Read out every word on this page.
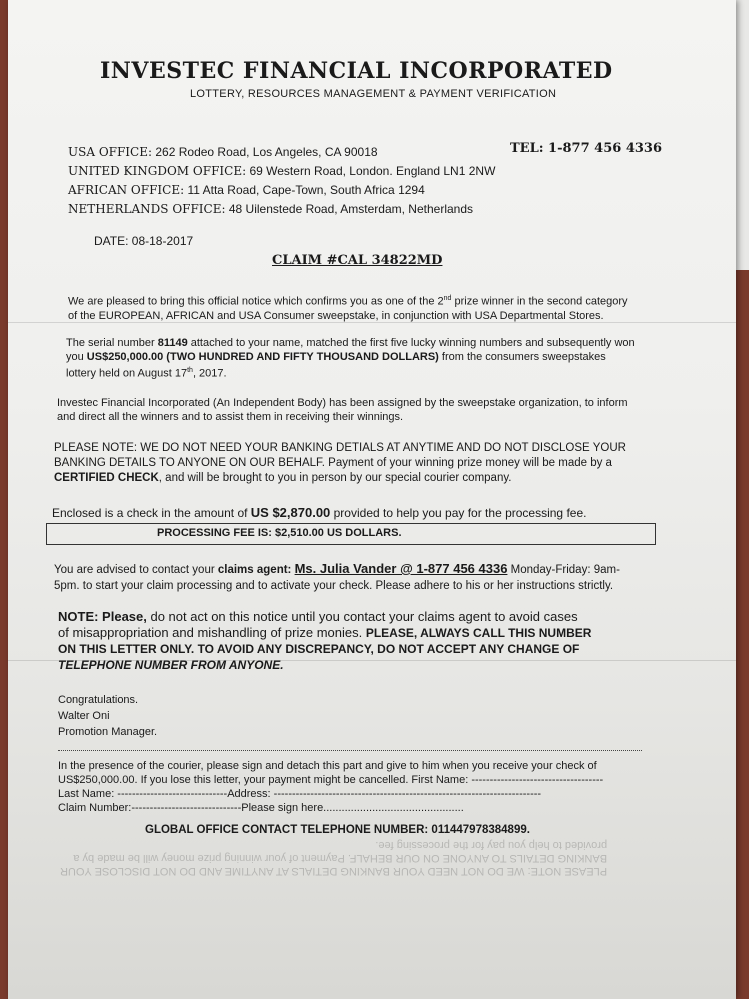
INVESTEC FINANCIAL INCORPORATED
LOTTERY, RESOURCES MANAGEMENT & PAYMENT VERIFICATION
USA OFFICE: 262 Rodeo Road, Los Angeles, CA 90018
UNITED KINGDOM OFFICE: 69 Western Road, London. England LN1 2NW
AFRICAN OFFICE: 11 Atta Road, Cape-Town, South Africa 1294
NETHERLANDS OFFICE: 48 Uilenstede Road, Amsterdam, Netherlands
TEL: 1-877 456 4336
DATE: 08-18-2017
CLAIM #CAL 34822MD
We are pleased to bring this official notice which confirms you as one of the 2nd prize winner in the second category
of the EUROPEAN, AFRICAN and USA Consumer sweepstake, in conjunction with USA Departmental Stores.
The serial number 81149 attached to your name, matched the first five lucky winning numbers and subsequently won
you US$250,000.00 (TWO HUNDRED AND FIFTY THOUSAND DOLLARS) from the consumers sweepstakes
lottery held on August 17th, 2017.
Investec Financial Incorporated (An Independent Body) has been assigned by the sweepstake organization, to inform
and direct all the winners and to assist them in receiving their winnings.
PLEASE NOTE: WE DO NOT NEED YOUR BANKING DETIALS AT ANYTIME AND DO NOT DISCLOSE YOUR
BANKING DETAILS TO ANYONE ON OUR BEHALF. Payment of your winning prize money will be made by a
CERTIFIED CHECK, and will be brought to you in person by our special courier company.
Enclosed is a check in the amount of US $2,870.00 provided to help you pay for the processing fee.
PROCESSING FEE IS: $2,510.00 US DOLLARS.
You are advised to contact your claims agent: Ms. Julia Vander @ 1-877 456 4336 Monday-Friday: 9am-
5pm. to start your claim processing and to activate your check. Please adhere to his or her instructions strictly.
NOTE: Please, do not act on this notice until you contact your claims agent to avoid cases
of misappropriation and mishandling of prize monies. PLEASE, ALWAYS CALL THIS NUMBER
ON THIS LETTER ONLY. TO AVOID ANY DISCREPANCY, DO NOT ACCEPT ANY CHANGE OF
TELEPHONE NUMBER FROM ANYONE.
Congratulations.
Walter Oni
Promotion Manager.
In the presence of the courier, please sign and detach this part and give to him when you receive your check of
US$250,000.00. If you lose this letter, your payment might be cancelled. First Name: ------------------------------------
Last Name: ------------------------------Address: -------------------------------------------------------------------------
Claim Number:------------------------------Please sign here..............................................
GLOBAL OFFICE CONTACT TELEPHONE NUMBER: 011447978384899.
PLEASE NOTE: WE DO NOT NEED YOUR BANKING DETIALS AT ANYTIME AND DO NOT DISCLOSE YOUR
BANKING DETAILS TO ANYONE ON OUR BEHALF. Payment of your winning prize money will be made by a
provided to help you pay for the processing fee.
